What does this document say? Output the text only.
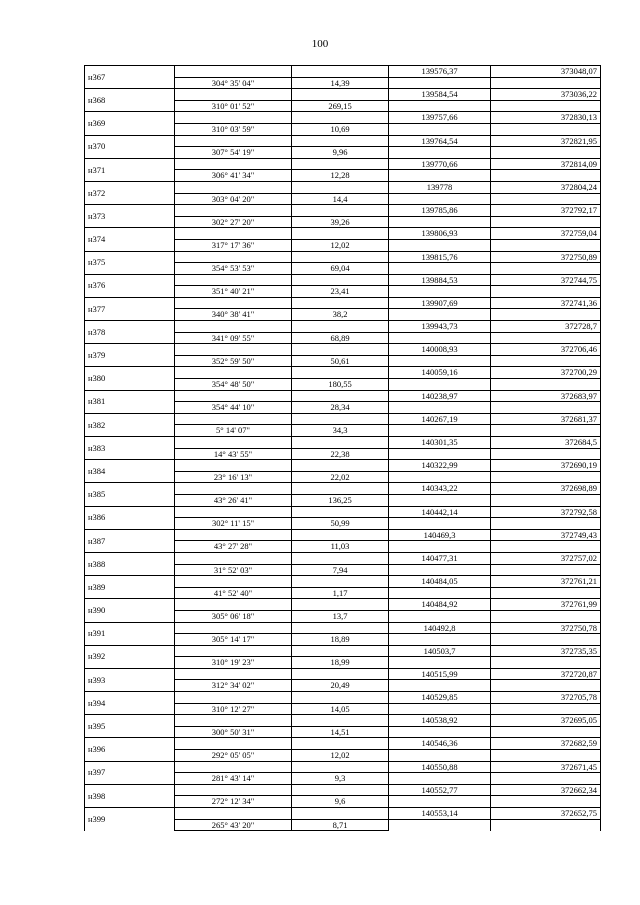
100
н367			139576,37	373048,07
	304° 35' 04"	14,39		
н368			139584,54	373036,22
	310° 01' 52"	269,15		
н369			139757,66	372830,13
	310° 03' 59"	10,69		
н370			139764,54	372821,95
	307° 54' 19"	9,96		
н371			139770,66	372814,09
	306° 41' 34"	12,28		
н372			139778	372804,24
	303° 04' 20"	14,4		
н373			139785,86	372792,17
	302° 27' 20"	39,26		
н374			139806,93	372759,04
	317° 17' 36"	12,02		
н375			139815,76	372750,89
	354° 53' 53"	69,04		
н376			139884,53	372744,75
	351° 40' 21"	23,41		
н377			139907,69	372741,36
	340° 38' 41"	38,2		
н378			139943,73	372728,7
	341° 09' 55"	68,89		
н379			140008,93	372706,46
	352° 59' 50"	50,61		
н380			140059,16	372700,29
	354° 48' 50"	180,55		
н381			140238,97	372683,97
	354° 44' 10"	28,34		
н382			140267,19	372681,37
	5° 14' 07"	34,3		
н383			140301,35	372684,5
	14° 43' 55"	22,38		
н384			140322,99	372690,19
	23° 16' 13"	22,02		
н385			140343,22	372698,89
	43° 26' 41"	136,25		
н386			140442,14	372792,58
	302° 11' 15"	50,99		
н387			140469,3	372749,43
	43° 27' 28"	11,03		
н388			140477,31	372757,02
	31° 52' 03"	7,94		
н389			140484,05	372761,21
	41° 52' 40"	1,17		
н390			140484,92	372761,99
	305° 06' 18"	13,7		
н391			140492,8	372750,78
	305° 14' 17"	18,89		
н392			140503,7	372735,35
	310° 19' 23"	18,99		
н393			140515,99	372720,87
	312° 34' 02"	20,49		
н394			140529,85	372705,78
	310° 12' 27"	14,05		
н395			140538,92	372695,05
	300° 50' 31"	14,51		
н396			140546,36	372682,59
	292° 05' 05"	12,02		
н397			140550,88	372671,45
	281° 43' 14"	9,3		
н398			140552,77	372662,34
	272° 12' 34"	9,6		
н399			140553,14	372652,75
	265° 43' 20"	8,71		
